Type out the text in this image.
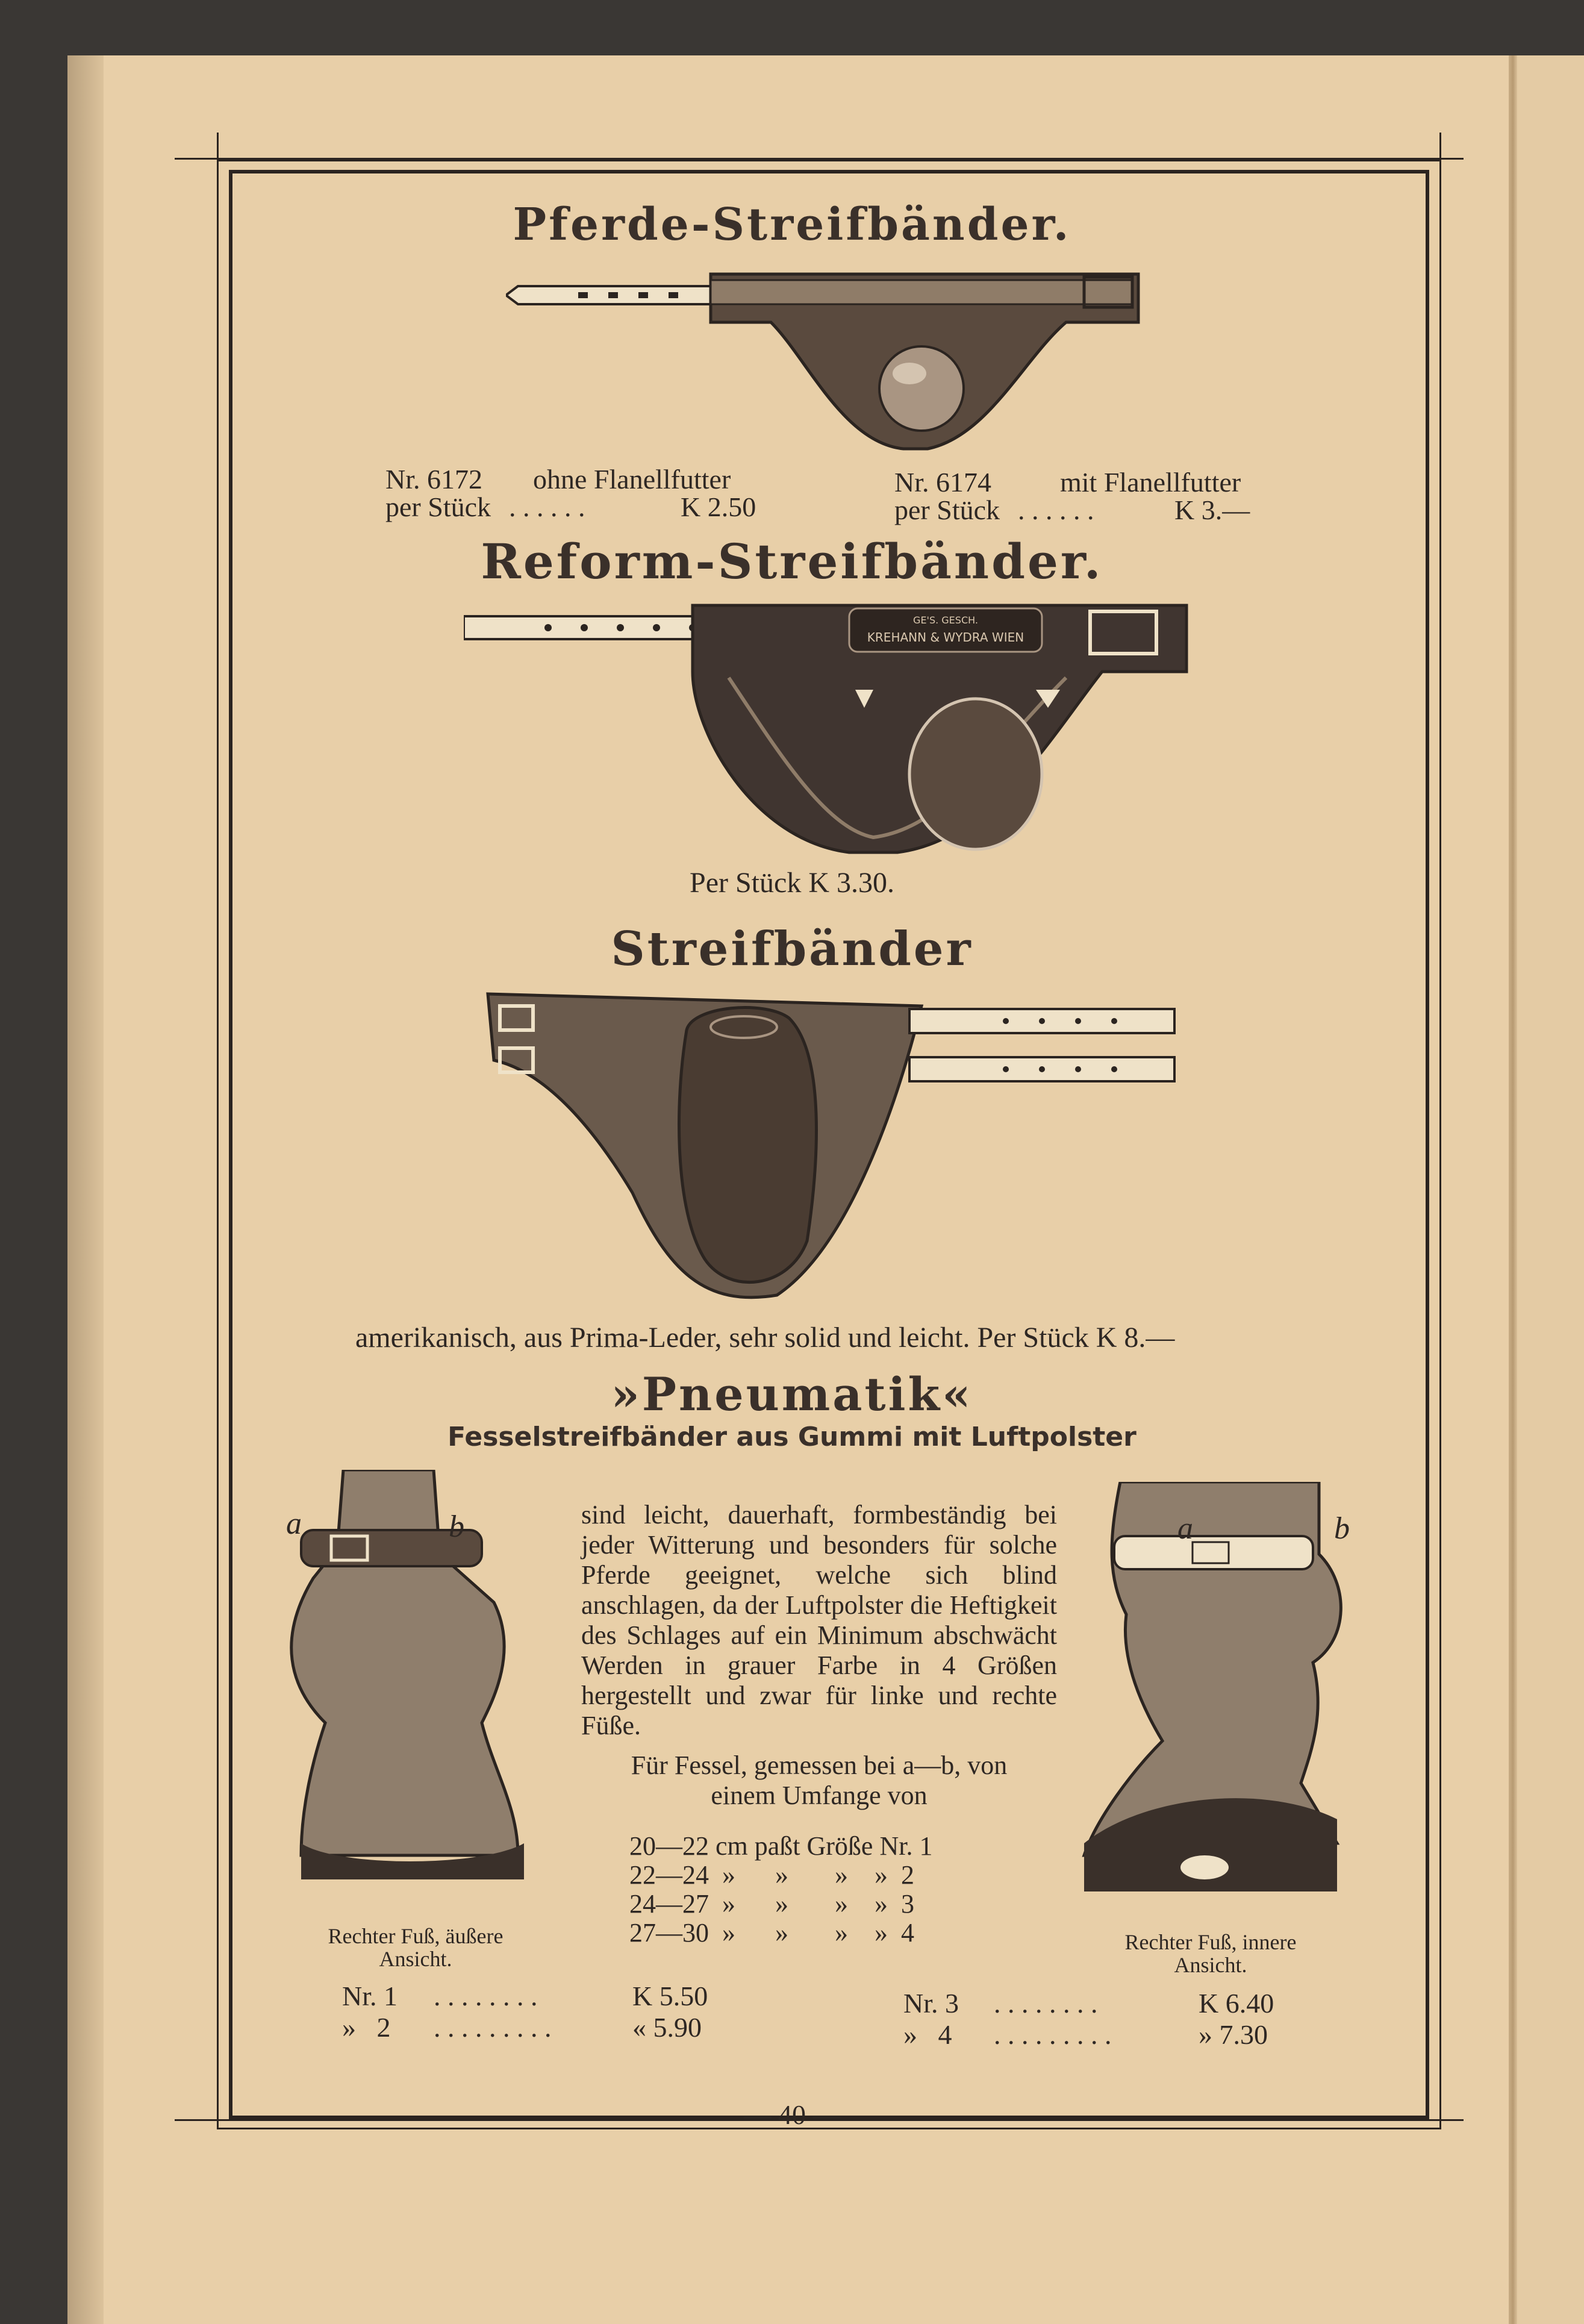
Pferde-Streifbänder.
Nr. 6172 ohne Flanellfutter
per Stück . . . . . .	K 2.50
Nr. 6174 mit Flanellfutter
per Stück . . . . . .	K 3.—
Reform-Streifbänder.
GE'S. GESCH.
KREHANN & WYDRA WIEN
Per Stück K 3.30.
Streifbänder
amerikanisch, aus Prima-Leder, sehr solid und leicht. Per Stück K 8.—
»Pneumatik«
Fesselstreifbänder aus Gummi mit Luftpolster
a	b
Rechter Fuß, äußere
Ansicht.
a	b
Rechter Fuß, innere
Ansicht.
sind leicht, dauerhaft, formbeständig bei jeder Witterung und besonders für solche Pferde geeignet, welche sich blind anschlagen, da der Luftpolster die Heftigkeit des Schlages auf ein Minimum abschwächt Werden in grauer Farbe in 4 Größen hergestellt und zwar für linke und rechte Füße.
Für Fessel, gemessen bei a—b, von
einem Umfange von
20—22 cm paßt Größe Nr. 1
22—24  »      »       »    »  2
24—27  »      »       »    »  3
27—30  »      »       »    »  4
Nr. 1 . . . . . . . .	K 5.50
»   2 . . . . . . . . .	« 5.90
Nr. 3 . . . . . . . .	K 6.40
»   4 . . . . . . . . .	» 7.30
— 40 —
